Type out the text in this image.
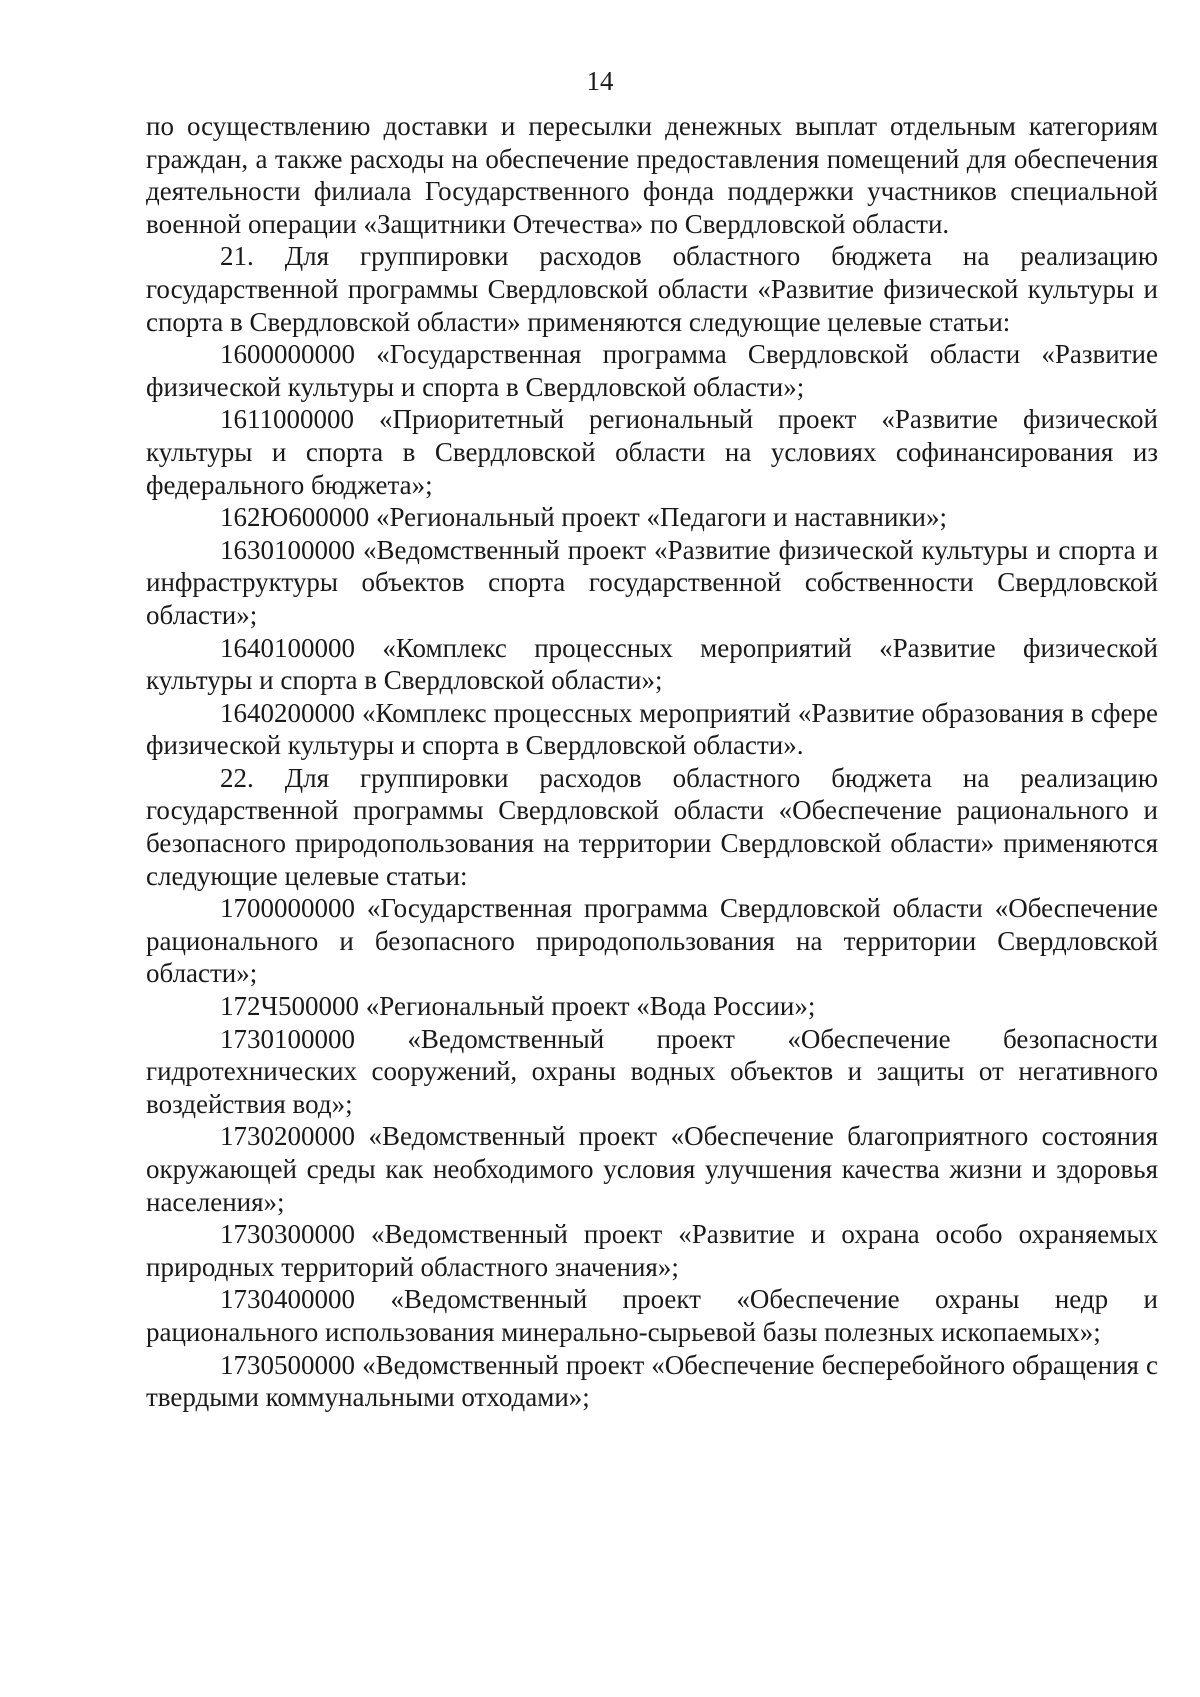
14

по осуществлению доставки и пересылки денежных выплат отдельным категориям граждан, а также расходы на обеспечение предоставления помещений для обеспечения деятельности филиала Государственного фонда поддержки участников специальной военной операции «Защитники Отечества» по Свердловской области.

21. Для группировки расходов областного бюджета на реализацию государственной программы Свердловской области «Развитие физической культуры и спорта в Свердловской области» применяются следующие целевые статьи:

1600000000 «Государственная программа Свердловской области «Развитие физической культуры и спорта в Свердловской области»;

1611000000 «Приоритетный региональный проект «Развитие физической культуры и спорта в Свердловской области на условиях софинансирования из федерального бюджета»;

162Ю600000 «Региональный проект «Педагоги и наставники»;

1630100000 «Ведомственный проект «Развитие физической культуры и спорта и инфраструктуры объектов спорта государственной собственности Свердловской области»;

1640100000 «Комплекс процессных мероприятий «Развитие физической культуры и спорта в Свердловской области»;

1640200000 «Комплекс процессных мероприятий «Развитие образования в сфере физической культуры и спорта в Свердловской области».

22. Для группировки расходов областного бюджета на реализацию государственной программы Свердловской области «Обеспечение рационального и безопасного природопользования на территории Свердловской области» применяются следующие целевые статьи:

1700000000 «Государственная программа Свердловской области «Обеспечение рационального и безопасного природопользования на территории Свердловской области»;

172Ч500000 «Региональный проект «Вода России»;

1730100000 «Ведомственный проект «Обеспечение безопасности гидротехнических сооружений, охраны водных объектов и защиты от негативного воздействия вод»;

1730200000 «Ведомственный проект «Обеспечение благоприятного состояния окружающей среды как необходимого условия улучшения качества жизни и здоровья населения»;

1730300000 «Ведомственный проект «Развитие и охрана особо охраняемых природных территорий областного значения»;

1730400000 «Ведомственный проект «Обеспечение охраны недр и рационального использования минерально-сырьевой базы полезных ископаемых»;

1730500000 «Ведомственный проект «Обеспечение бесперебойного обращения с твердыми коммунальными отходами»;
